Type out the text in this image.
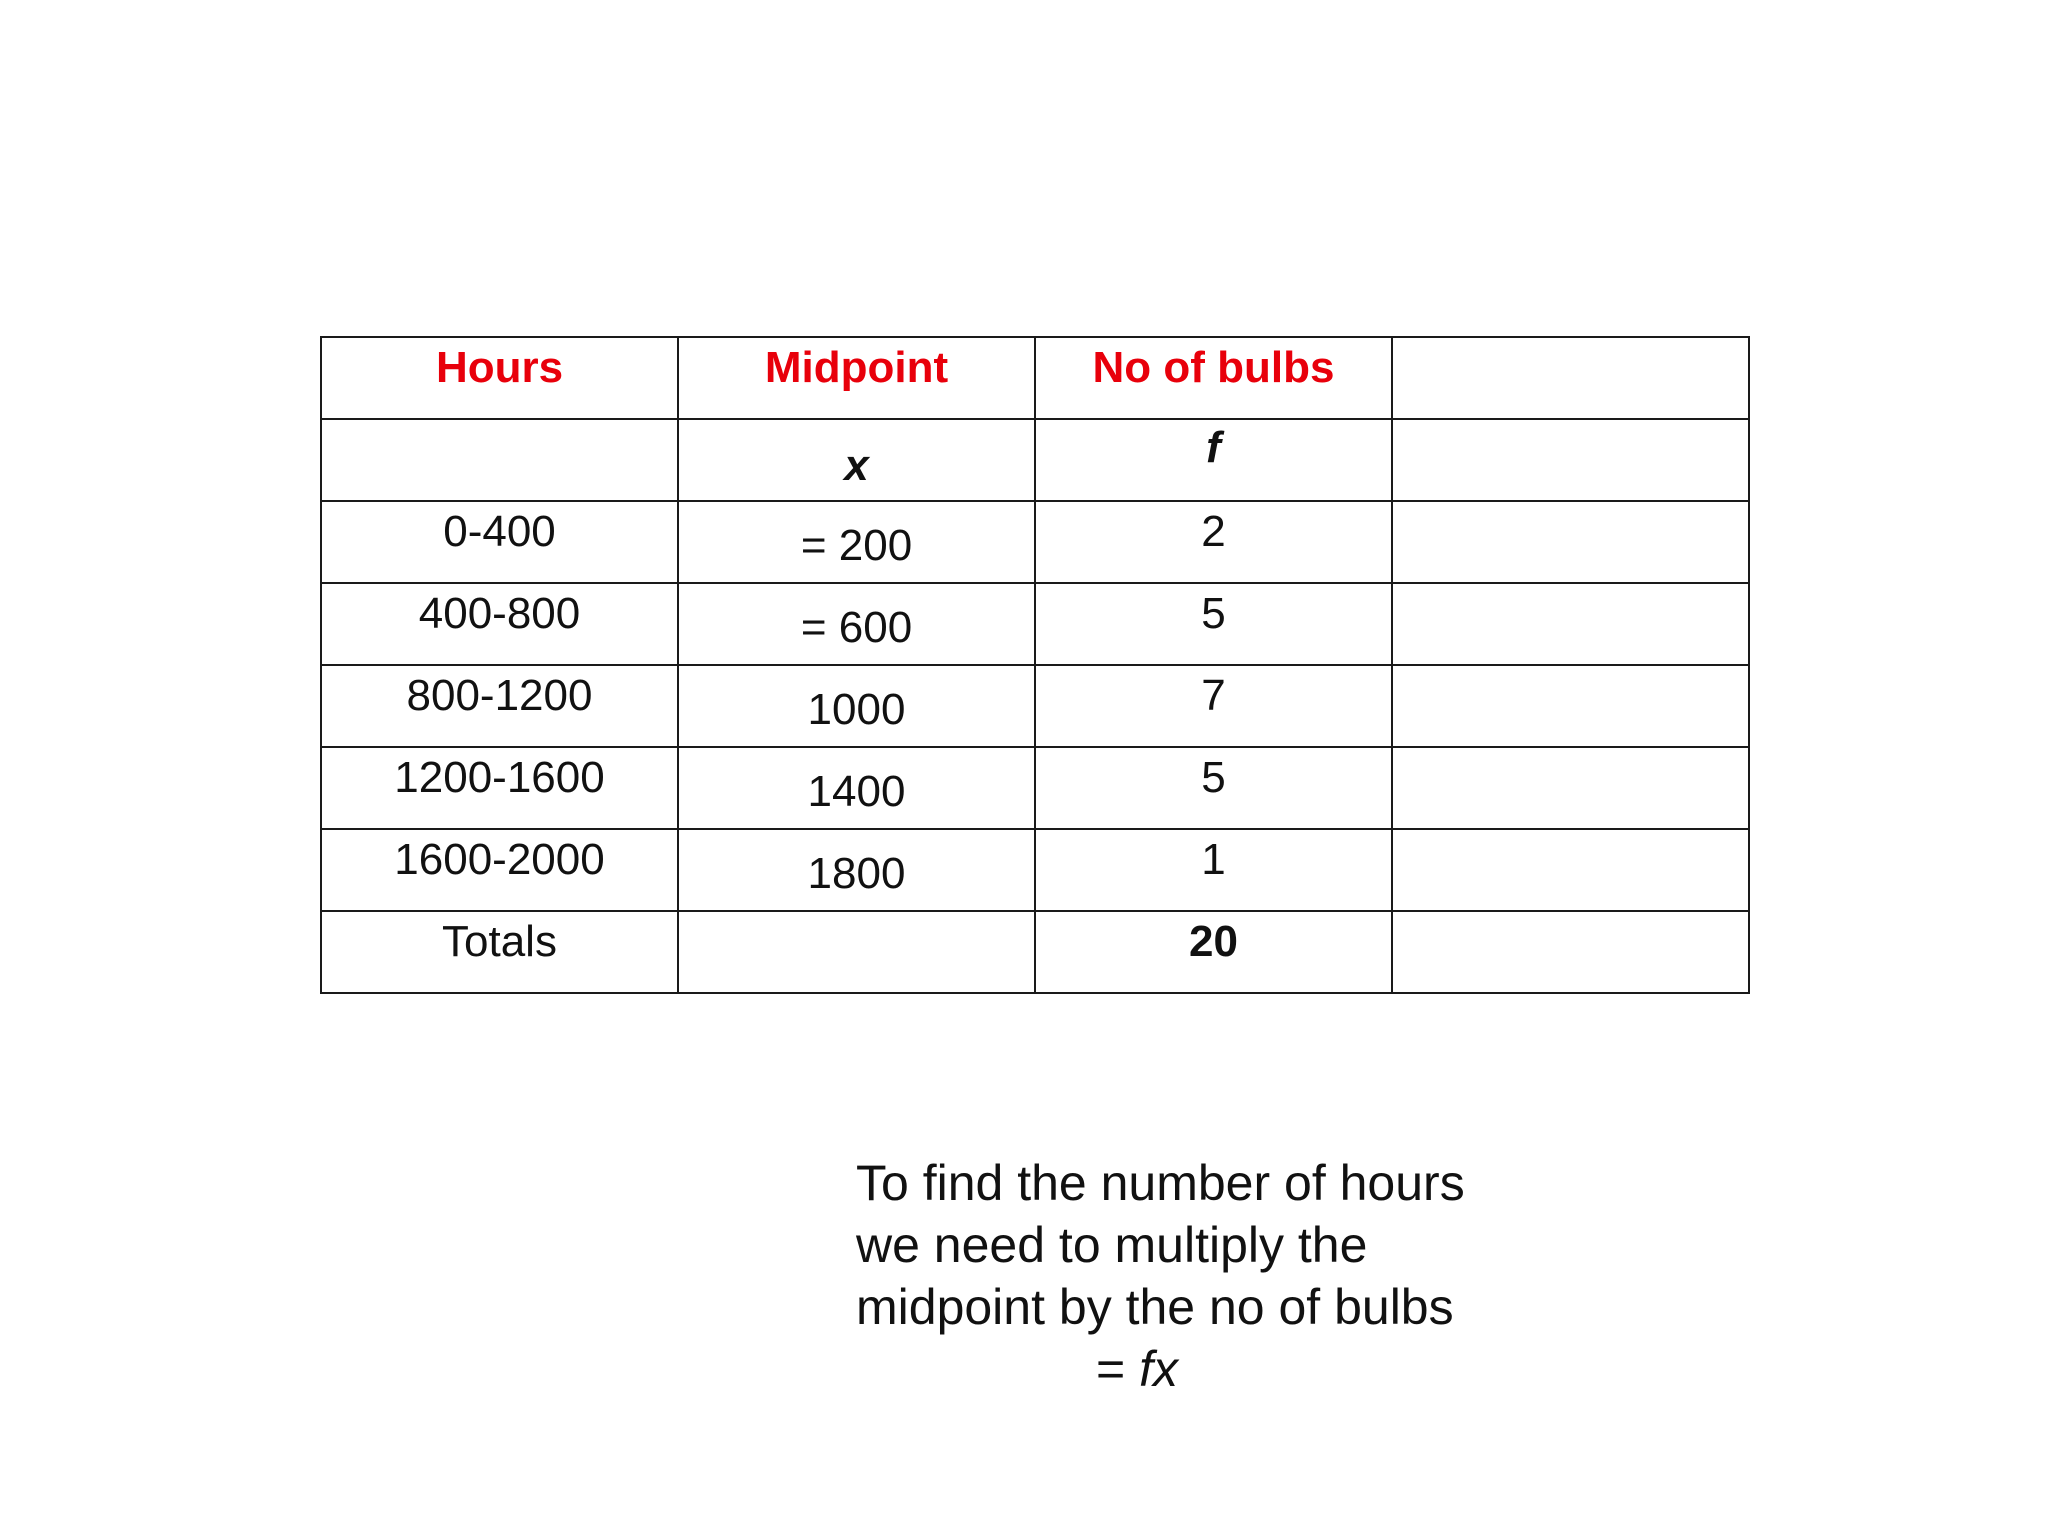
Hours	Midpoint	No of bulbs	

	x	f	

0-400	= 200	2	

400-800	= 600	5	

800-1200	1000	7	

1200-1600	1400	5	

1600-2000	1800	1	

Totals		20	

To find the number of hours
we need to multiply the
midpoint by the no of bulbs
= fx
